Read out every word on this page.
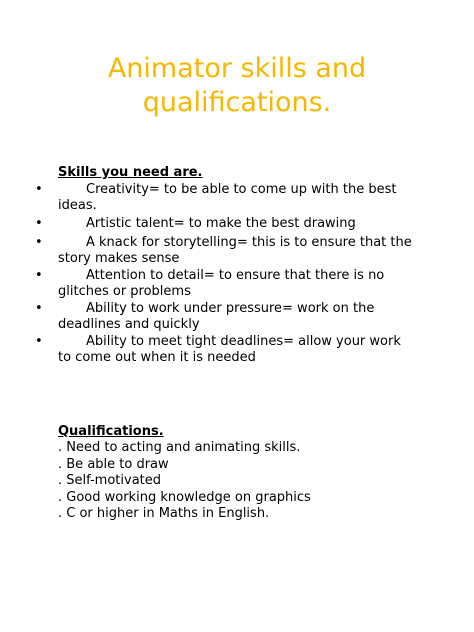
Animator skills and
qualifications.

Skills you need are.

•	Creativity= to be able to come up with the best ideas.
•	Artistic talent= to make the best drawing
•	A knack for storytelling= this is to ensure that the story makes sense
•	Attention to detail= to ensure that there is no glitches or problems
•	Ability to work under pressure= work on the deadlines and quickly
•	Ability to meet tight deadlines= allow your work to come out when it is needed

Qualifications.

. Need to acting and animating skills.
. Be able to draw
. Self-motivated
. Good working knowledge on graphics
. C or higher in Maths in English.
